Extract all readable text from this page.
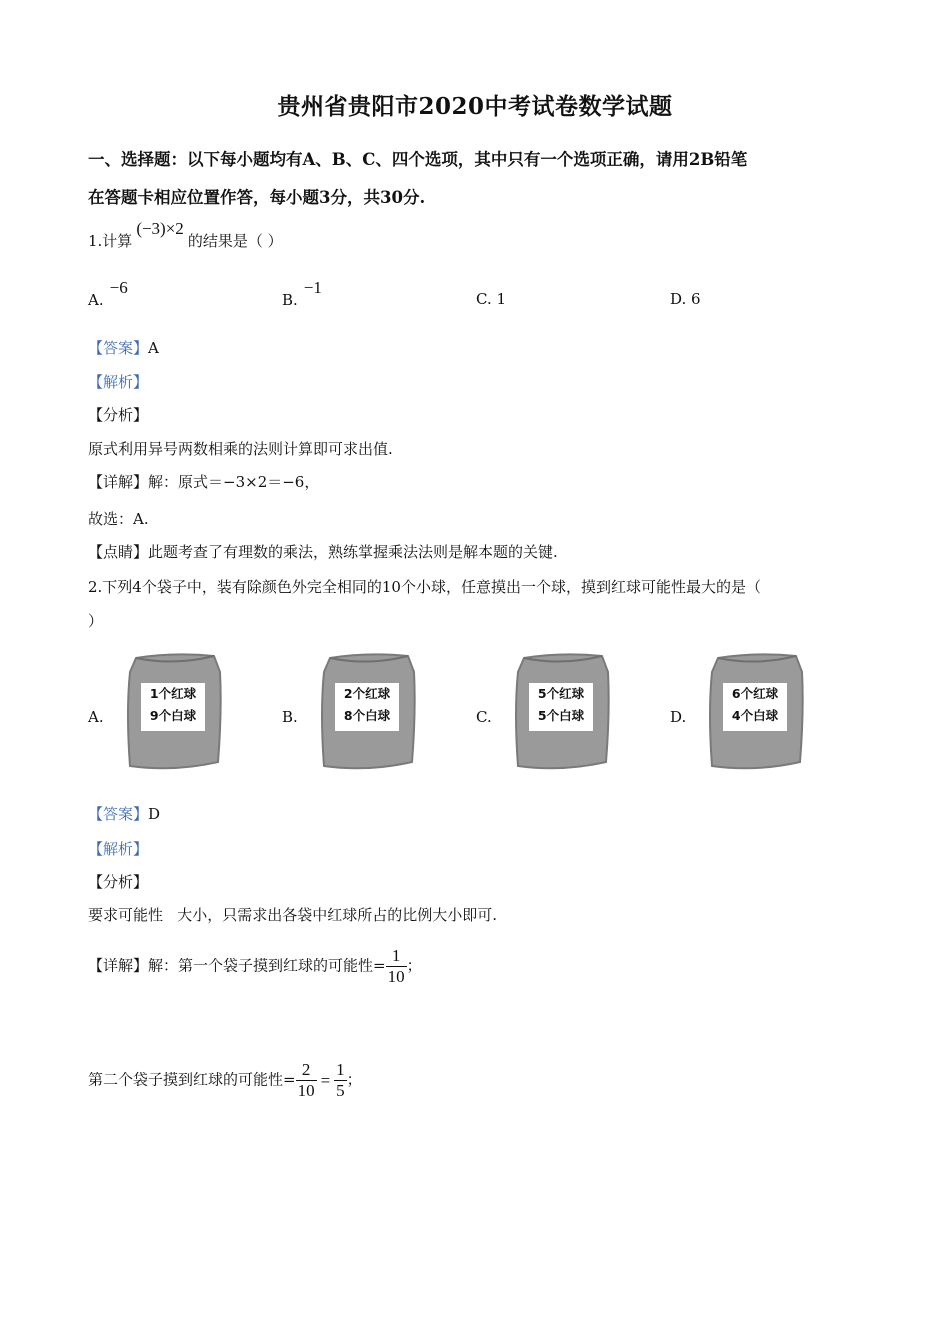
贵州省贵阳市2020中考试卷数学试题
一、选择题：以下每小题均有A、B、C、四个选项，其中只有一个选项正确，请用2B铅笔
在答题卡相应位置作答，每小题3分，共30分.
1.计算(−3)×2的结果是（ ）
A.−6
B.−1
C. 1	D. 6
【答案】A
【解析】
【分析】
原式利用异号两数相乘的法则计算即可求出值.
【详解】解：原式＝−3×2＝−6，
故选：A.
【点睛】此题考查了有理数的乘法，熟练掌握乘法法则是解本题的关键.
2.下列4个袋子中，装有除颜色外完全相同的10个小球，任意摸出一个球，摸到红球可能性最大的是（
）
A.
1个红球
9个白球	B.
2个红球
8个白球	C.
5个红球
5个白球	D.
6个红球
4个白球
【答案】D
【解析】
【分析】
要求可能性   大小，只需求出各袋中红球所占的比例大小即可.
【详解】解：第一个袋子摸到红球的可能性= $\frac{1}{10}$ ；
第二个袋子摸到红球的可能性= $\frac{2}{10} = \frac{1}{5}$ ；
